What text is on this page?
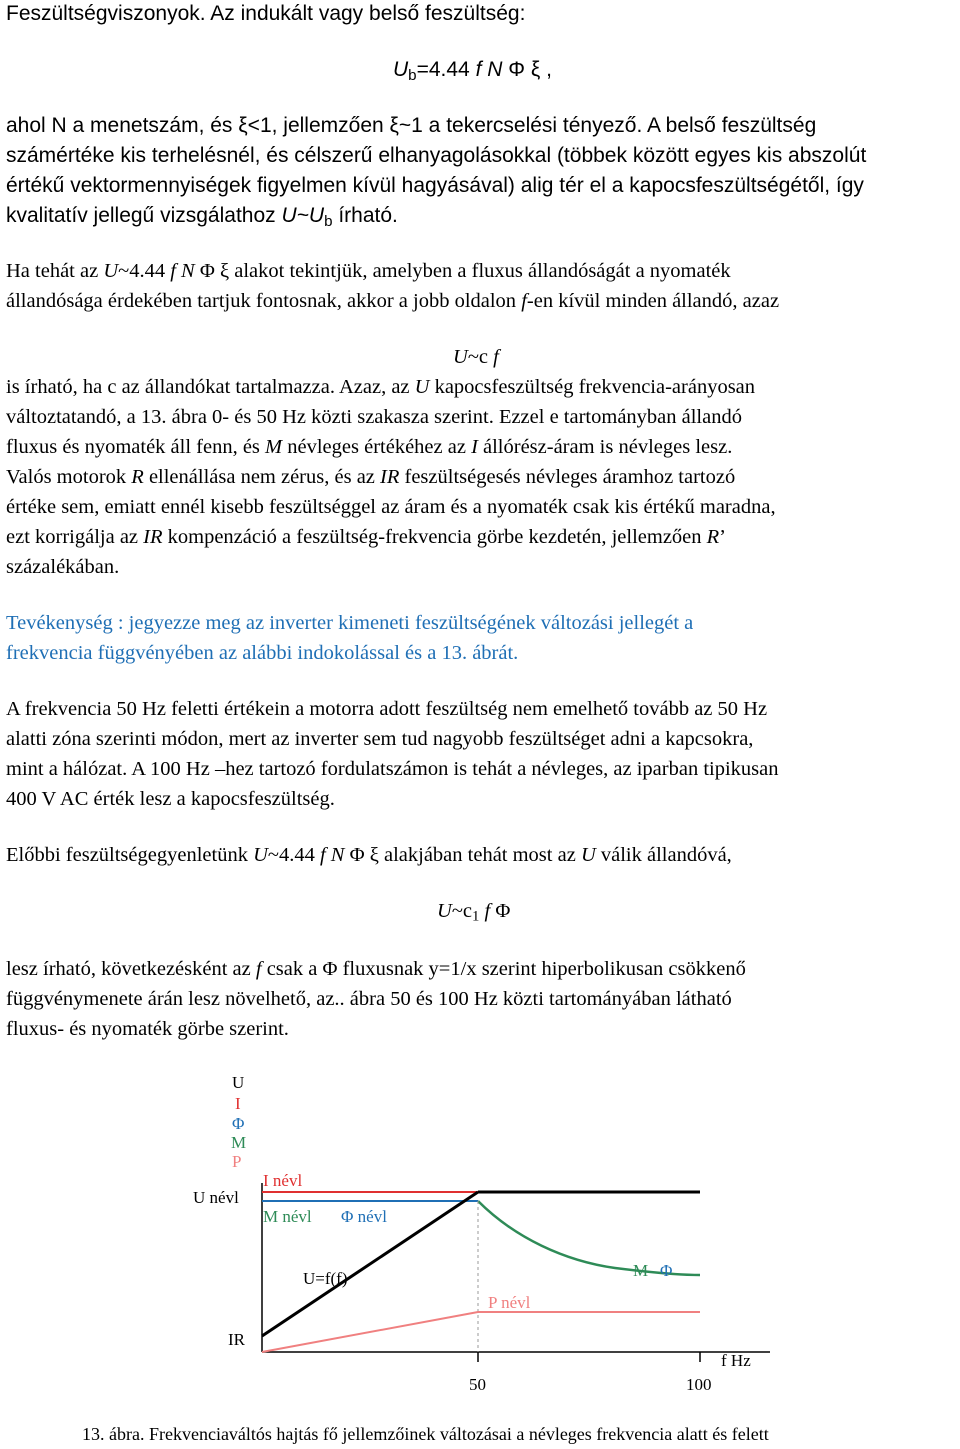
Feszültségviszonyok. Az indukált vagy belső feszültség:
$U_b=4.44$ f N Φ ξ ,
ahol N a menetszám, és ξ<1, jellemzően ξ~1 a tekercselési tényező. A belső feszültség
számértéke kis terhelésnél, és célszerű elhanyagolásokkal (többek között egyes kis abszolút
értékű vektormennyiségek figyelmen kívül hagyásával) alig tér el a kapocsfeszültségétől, így
kvalitatív jellegű vizsgálathoz $U\sim U_b$ írható.
Ha tehát az U~4.44 f N Φ ξ alakot tekintjük, amelyben a fluxus állandóságát a nyomaték
állandósága érdekében tartjuk fontosnak, akkor a jobb oldalon f-en kívül minden állandó, azaz
U~c f
is írható, ha c az állandókat tartalmazza. Azaz, az U kapocsfeszültség frekvencia-arányosan
változtatandó, a 13. ábra 0- és 50 Hz közti szakasza szerint. Ezzel e tartományban állandó
fluxus és nyomaték áll fenn, és M névleges értékéhez az I állórész-áram is névleges lesz.
Valós motorok R ellenállása nem zérus, és az IR feszültségesés névleges áramhoz tartozó
értéke sem, emiatt ennél kisebb feszültséggel az áram és a nyomaték csak kis értékű maradna,
ezt korrigálja az IR kompenzáció a feszültség-frekvencia görbe kezdetén, jellemzően R’
százalékában.
Tevékenység : jegyezze meg az inverter kimeneti feszültségének változási jellegét a
frekvencia függvényében az alábbi indokolással és a 13. ábrát.
A frekvencia 50 Hz feletti értékein a motorra adott feszültség nem emelhető tovább az 50 Hz
alatti zóna szerinti módon, mert az inverter sem tud nagyobb feszültséget adni a kapcsokra,
mint a hálózat. A 100 Hz –hez tartozó fordulatszámon is tehát a névleges, az iparban tipikusan
400 V AC érték lesz a kapocsfeszültség.
Előbbi feszültségegyenletünk U~4.44 f N Φ ξ alakjában tehát most az U válik állandóvá,
$U\sim c_1$ f Φ
lesz írható, következésként az f csak a Φ fluxusnak y=1/x szerint hiperbolikusan csökkenő
függvénymenete árán lesz növelhető, az.. ábra 50 és 100 Hz közti tartományában látható
fluxus- és nyomaték görbe szerint.
U
I
Φ
M
P
U névl
I névl
M névl Φ névl
U=f(f)
P névl
M Φ
IR
f Hz
50	100
13. ábra. Frekvenciaváltós hajtás fő jellemzőinek változásai a névleges frekvencia alatt és felett
